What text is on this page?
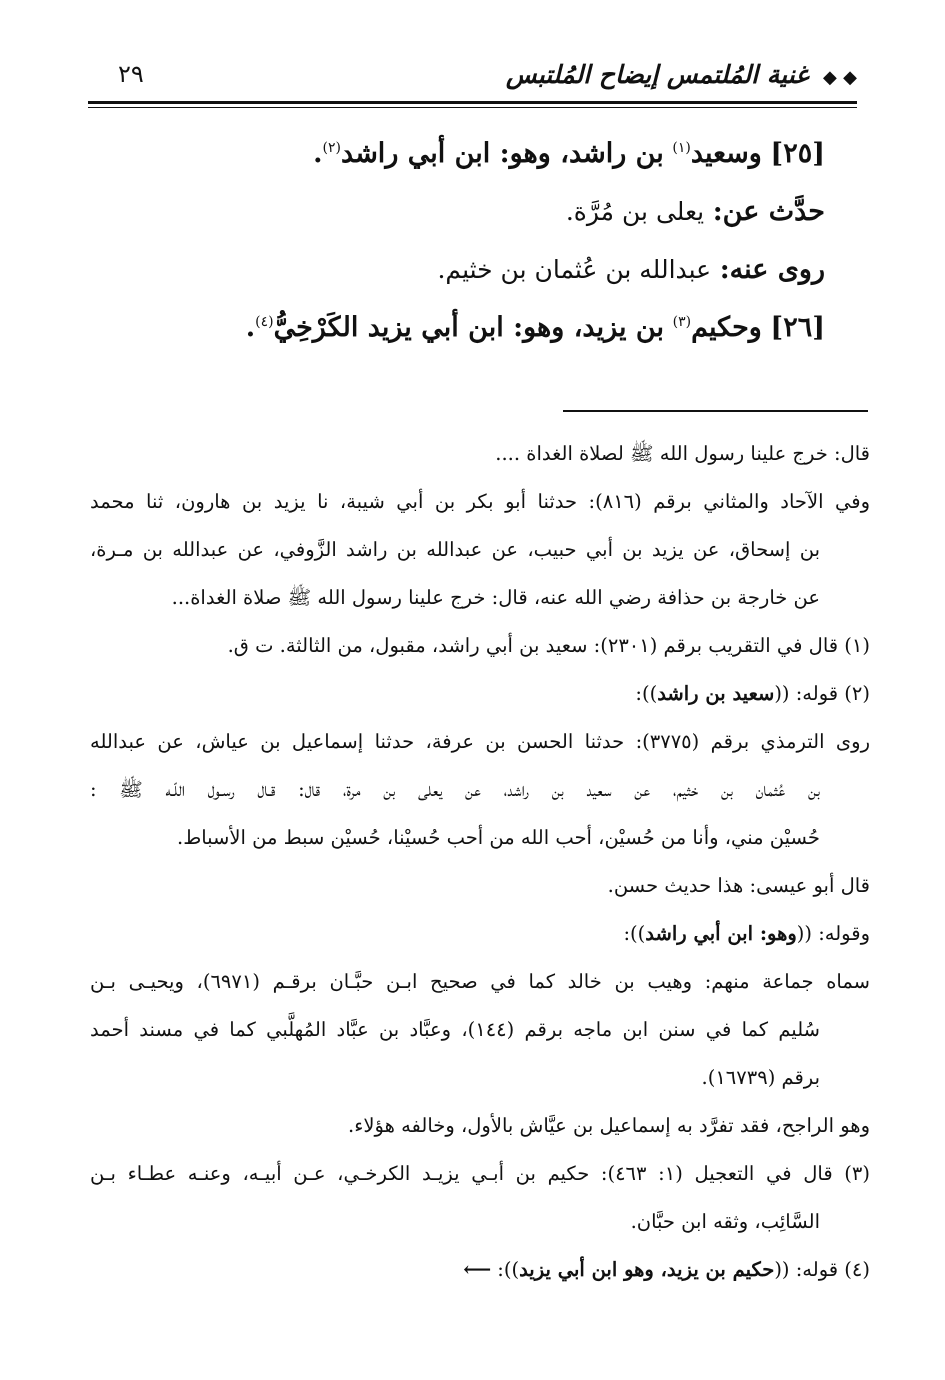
◆ ◆ غنية المُلتمس إيضاح المُلتبس
٢٩
[٢٥] وسعيد$^{(١)}$ بن راشد، وهو: ابن أبي راشد$^{(٢)}$.
حدَّث عن: يعلى بن مُرَّة.
روى عنه: عبدالله بن عُثمان بن خثيم.
[٢٦] وحكيم$^{(٣)}$ بن يزيد، وهو: ابن أبي يزيد الكَرْخِيُّ$^{(٤)}$.
قال: خرج علينا رسول الله ﷺ لصلاة الغداة ....
وفي الآحاد والمثاني برقم (٨١٦): حدثنا أبو بكر بن أبي شيبة، نا يزيد بن هارون، ثنا محمد
بن إسحاق، عن يزيد بن أبي حبيب، عن عبدالله بن راشد الزَّوفي، عن عبدالله بن مـرة،
عن خارجة بن حذافة رضي الله عنه، قال: خرج علينا رسول الله ﷺ صلاة الغداة...
(١) قال في التقريب برقم (٢٣٠١): سعيد بن أبي راشد، مقبول، من الثالثة. ت ق.
(٢) قوله: ((سعيد بن راشد)):
روى الترمذي برقم (٣٧٧٥): حدثنا الحسن بن عرفة، حدثنا إسماعيل بن عياش، عن عبدالله
بن عُثمان بن خثيم، عن سعيد بن راشد، عن يعلى بن مرة، قال: قـال رسـول اللّـه ﷺ :
حُسيْن مني، وأنا من حُسيْن، أحب الله من أحب حُسيْنا، حُسيْن سبط من الأسباط.
قال أبو عيسى: هذا حديث حسن.
وقوله: ((وهو: ابن أبي راشد)):
سماه جماعة منهم: وهيب بن خالد كما في صحيح ابـن حبَّـان برقـم (٦٩٧١)، ويحيـى بـن
سُليم كما في سنن ابن ماجه برقم (١٤٤)، وعبَّاد بن عبَّاد المُهلَّبي كما في مسند أحمد
برقم (١٦٧٣٩).
وهو الراجح، فقد تفرَّد به إسماعيل بن عيَّاش بالأول، وخالفه هؤلاء.
(٣) قال في التعجيل (١: ٤٦٣): حكيم بن أبـي يزيـد الكرخـي، عـن أبيـه، وعنـه عطـاء بـن
السَّائِب، وثقه ابن حبَّان.
(٤) قوله: ((حكيم بن يزيد، وهو ابن أبي يزيد)):⟵
